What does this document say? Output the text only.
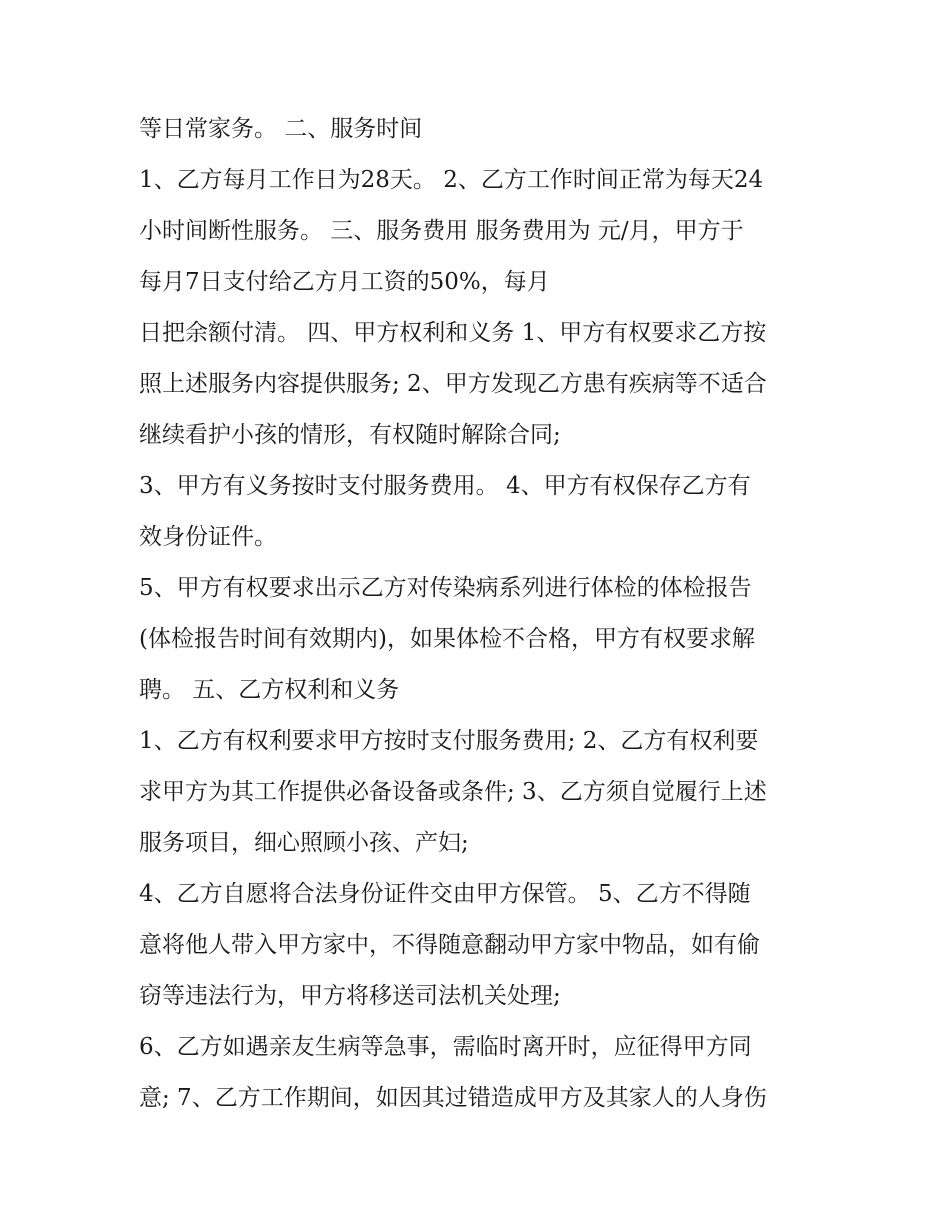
等日常家务。 二、服务时间
1、乙方每月工作日为28天。 2、乙方工作时间正常为每天24
小时间断性服务。 三、服务费用 服务费用为 元/月，甲方于
每月7日支付给乙方月工资的50%，每月
日把余额付清。 四、甲方权利和义务 1、甲方有权要求乙方按
照上述服务内容提供服务; 2、甲方发现乙方患有疾病等不适合
继续看护小孩的情形，有权随时解除合同;
3、甲方有义务按时支付服务费用。 4、甲方有权保存乙方有
效身份证件。
5、甲方有权要求出示乙方对传染病系列进行体检的体检报告
(体检报告时间有效期内)，如果体检不合格，甲方有权要求解
聘。 五、乙方权利和义务
1、乙方有权利要求甲方按时支付服务费用; 2、乙方有权利要
求甲方为其工作提供必备设备或条件; 3、乙方须自觉履行上述
服务项目，细心照顾小孩、产妇;
4、乙方自愿将合法身份证件交由甲方保管。 5、乙方不得随
意将他人带入甲方家中，不得随意翻动甲方家中物品，如有偷
窃等违法行为，甲方将移送司法机关处理;
6、乙方如遇亲友生病等急事，需临时离开时，应征得甲方同
意; 7、乙方工作期间，如因其过错造成甲方及其家人的人身伤
